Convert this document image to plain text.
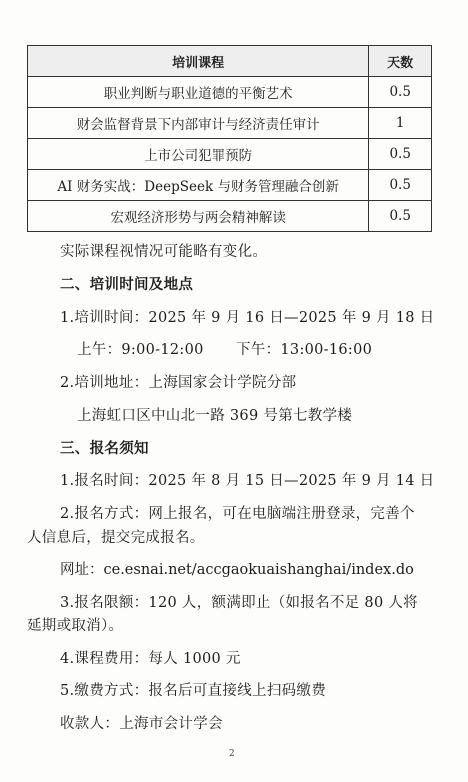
培训课程	天数
职业判断与职业道德的平衡艺术	0.5
财会监督背景下内部审计与经济责任审计	1
上市公司犯罪预防	0.5
AI 财务实战：DeepSeek 与财务管理融合创新	0.5
宏观经济形势与两会精神解读	0.5
实际课程视情况可能略有变化。
二、培训时间及地点
1.培训时间：2025 年 9 月 16 日—2025 年 9 月 18 日
上午：9:00-12:00 下午：13:00-16:00
2.培训地址：上海国家会计学院分部
上海虹口区中山北一路 369 号第七教学楼
三、报名须知
1.报名时间：2025 年 8 月 15 日—2025 年 9 月 14 日
2.报名方式：网上报名，可在电脑端注册登录，完善个
人信息后，提交完成报名。
网址：ce.esnai.net/accgaokuaishanghai/index.do
3.报名限额：120 人，额满即止（如报名不足 80 人将
延期或取消）。
4.课程费用：每人 1000 元
5.缴费方式：报名后可直接线上扫码缴费
收款人：上海市会计学会
2
